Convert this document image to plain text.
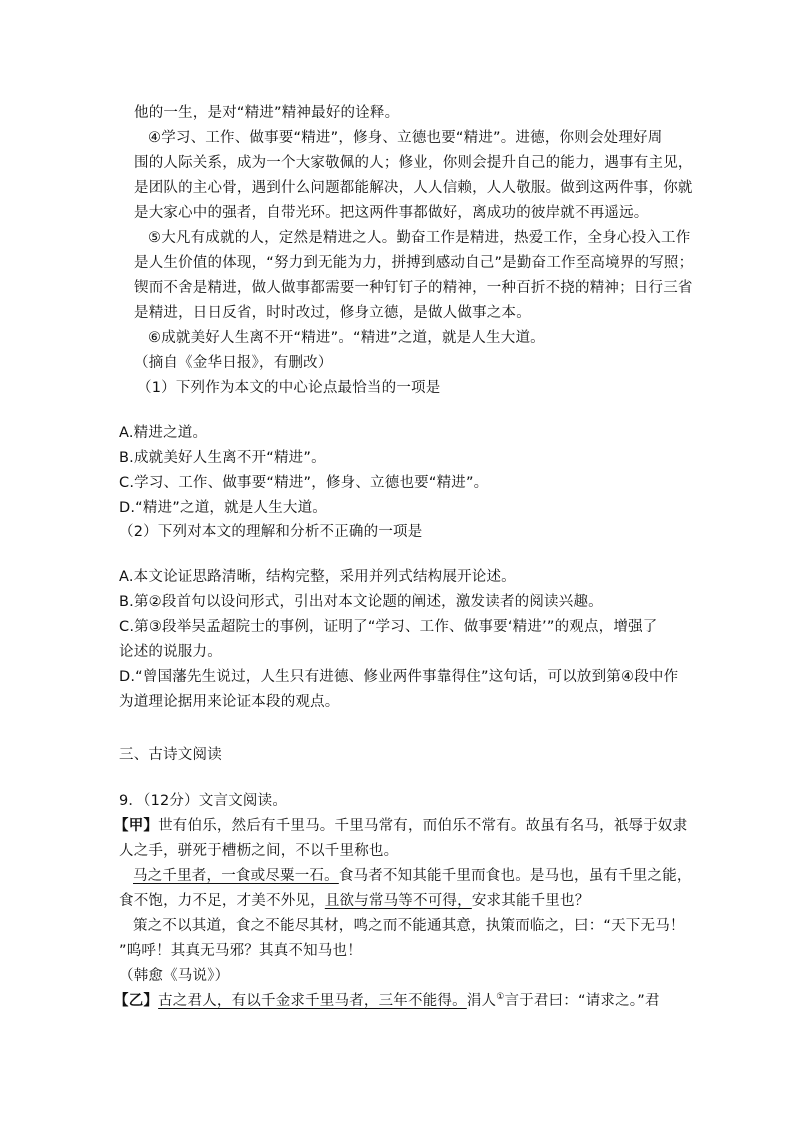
他的一生，是对“精进”精神最好的诠释。
④学习、工作、做事要“精进”，修身、立德也要“精进”。进德，你则会处理好周
围的人际关系，成为一个大家敬佩的人；修业，你则会提升自己的能力，遇事有主见，
是团队的主心骨，遇到什么问题都能解决，人人信赖，人人敬服。做到这两件事，你就
是大家心中的强者，自带光环。把这两件事都做好，离成功的彼岸就不再遥远。
⑤大凡有成就的人，定然是精进之人。勤奋工作是精进，热爱工作，全身心投入工作
是人生价值的体现，“努力到无能为力，拼搏到感动自己”是勤奋工作至高境界的写照；
锲而不舍是精进，做人做事都需要一种钉钉子的精神，一种百折不挠的精神；日行三省
是精进，日日反省，时时改过，修身立德，是做人做事之本。
⑥成就美好人生离不开“精进”。“精进”之道，就是人生大道。
（摘自《金华日报》，有删改）
（1）下列作为本文的中心论点最恰当的一项是
A.精进之道。
B.成就美好人生离不开“精进”。
C.学习、工作、做事要“精进”，修身、立德也要“精进”。
D.“精进”之道，就是人生大道。
（2）下列对本文的理解和分析不正确的一项是
A.本文论证思路清晰，结构完整，采用并列式结构展开论述。
B.第②段首句以设问形式，引出对本文论题的阐述，激发读者的阅读兴趣。
C.第③段举吴孟超院士的事例，证明了“学习、工作、做事要‘精进’”的观点，增强了
论述的说服力。
D.“曾国藩先生说过，人生只有进德、修业两件事靠得住”这句话，可以放到第④段中作
为道理论据用来论证本段的观点。
三、古诗文阅读
9．（12分）文言文阅读。
【甲】世有伯乐，然后有千里马。千里马常有，而伯乐不常有。故虽有名马，祇辱于奴隶
人之手，骈死于槽枥之间，不以千里称也。
马之千里者，一食或尽粟一石。食马者不知其能千里而食也。是马也，虽有千里之能，
食不饱，力不足，才美不外见，且欲与常马等不可得，安求其能千里也？
策之不以其道，食之不能尽其材，鸣之而不能通其意，执策而临之，曰：“天下无马！
”呜呼！其真无马邪？其真不知马也！
（韩愈《马说》）
【乙】古之君人，有以千金求千里马者，三年不能得。涓人①言于君曰：“请求之。”君
